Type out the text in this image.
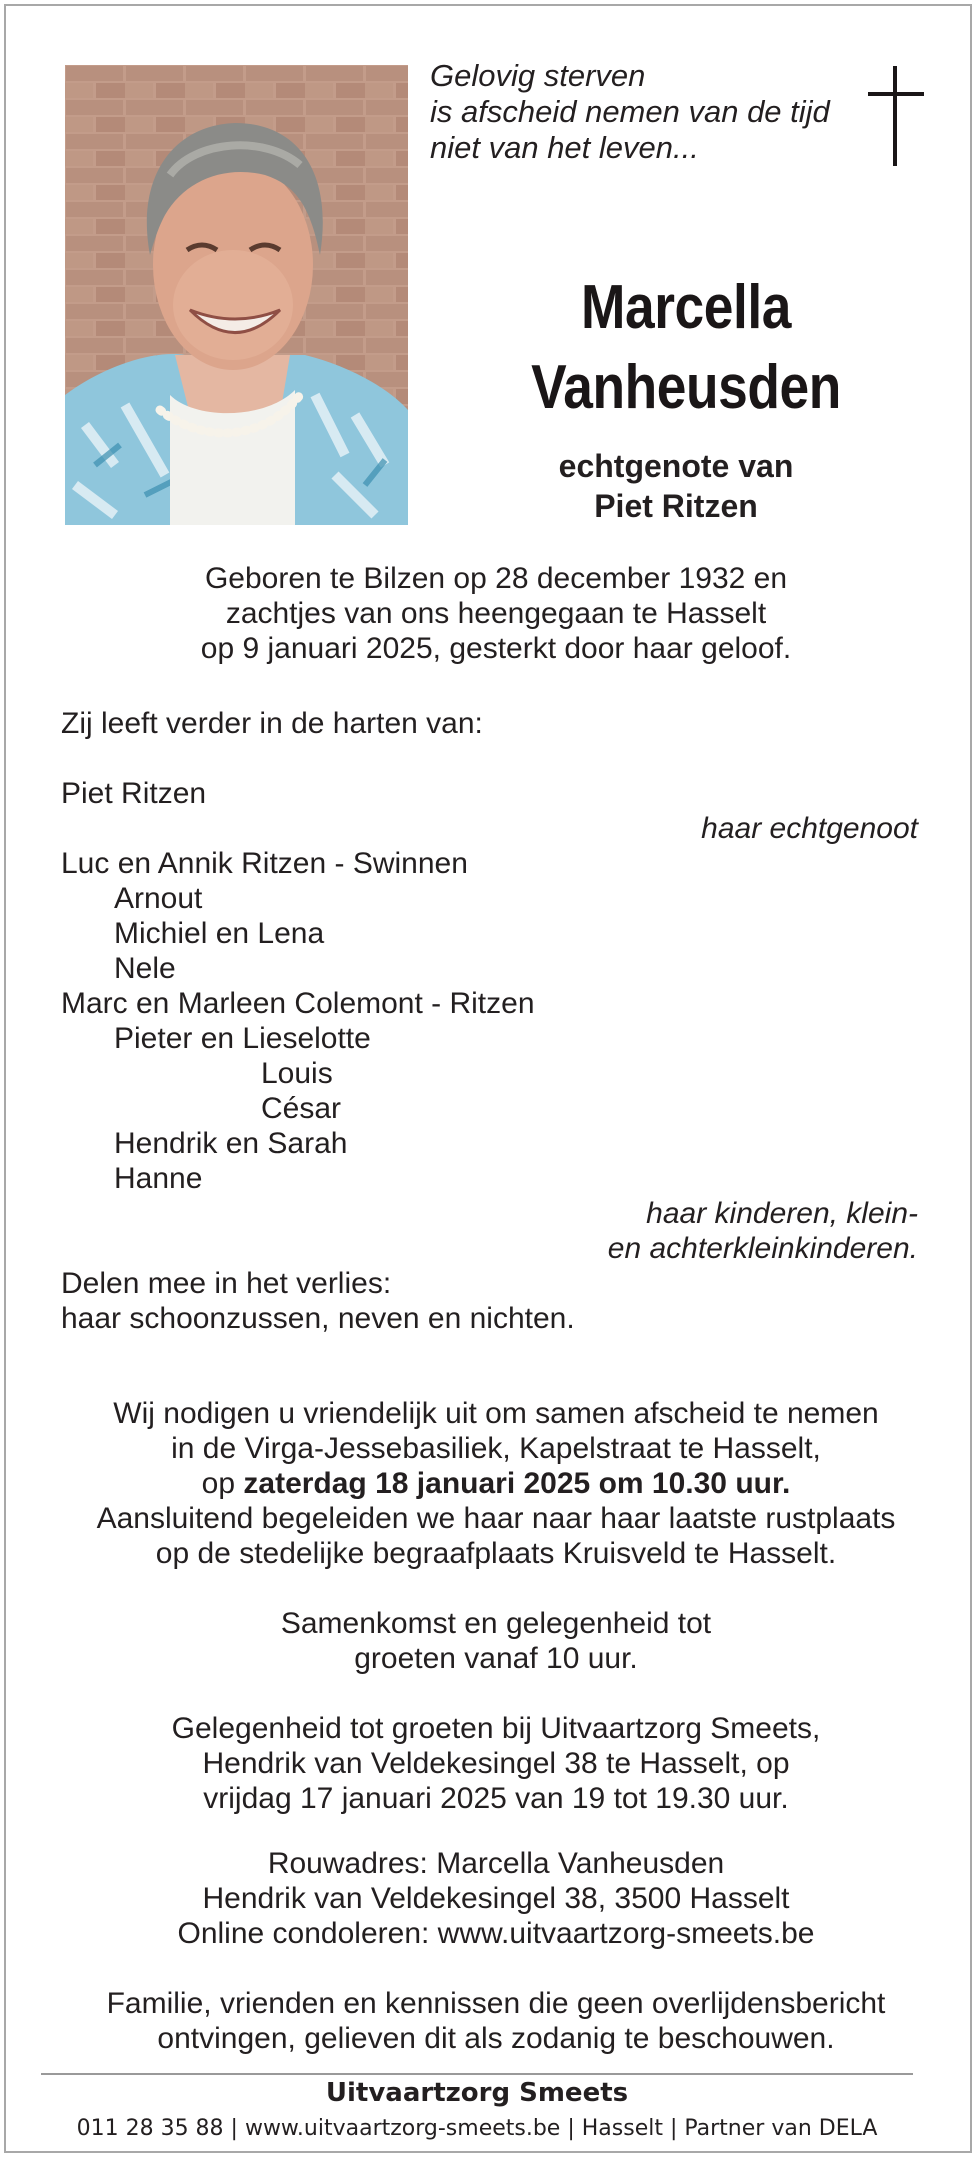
Gelovig sterven
is afscheid nemen van de tijd
niet van het leven...
Marcella
Vanheusden
echtgenote van
Piet Ritzen
Geboren te Bilzen op 28 december 1932 en
zachtjes van ons heengegaan te Hasselt
op 9 januari 2025, gesterkt door haar geloof.
Zij leeft verder in de harten van:
Piet Ritzen
haar echtgenoot
Luc en Annik Ritzen - Swinnen
Arnout
Michiel en Lena
Nele
Marc en Marleen Colemont - Ritzen
Pieter en Lieselotte
Louis
César
Hendrik en Sarah
Hanne
haar kinderen, klein-
en achterkleinkinderen.
Delen mee in het verlies:
haar schoonzussen, neven en nichten.
Wij nodigen u vriendelijk uit om samen afscheid te nemen
in de Virga-Jessebasiliek, Kapelstraat te Hasselt,
op zaterdag 18 januari 2025 om 10.30 uur.
Aansluitend begeleiden we haar naar haar laatste rustplaats
op de stedelijke begraafplaats Kruisveld te Hasselt.
Samenkomst en gelegenheid tot
groeten vanaf 10 uur.
Gelegenheid tot groeten bij Uitvaartzorg Smeets,
Hendrik van Veldekesingel 38 te Hasselt, op
vrijdag 17 januari 2025 van 19 tot 19.30 uur.
Rouwadres: Marcella Vanheusden
Hendrik van Veldekesingel 38, 3500 Hasselt
Online condoleren: www.uitvaartzorg-smeets.be
Familie, vrienden en kennissen die geen overlijdensbericht
ontvingen, gelieven dit als zodanig te beschouwen.
Uitvaartzorg Smeets
011 28 35 88 | www.uitvaartzorg-smeets.be | Hasselt | Partner van DELA
